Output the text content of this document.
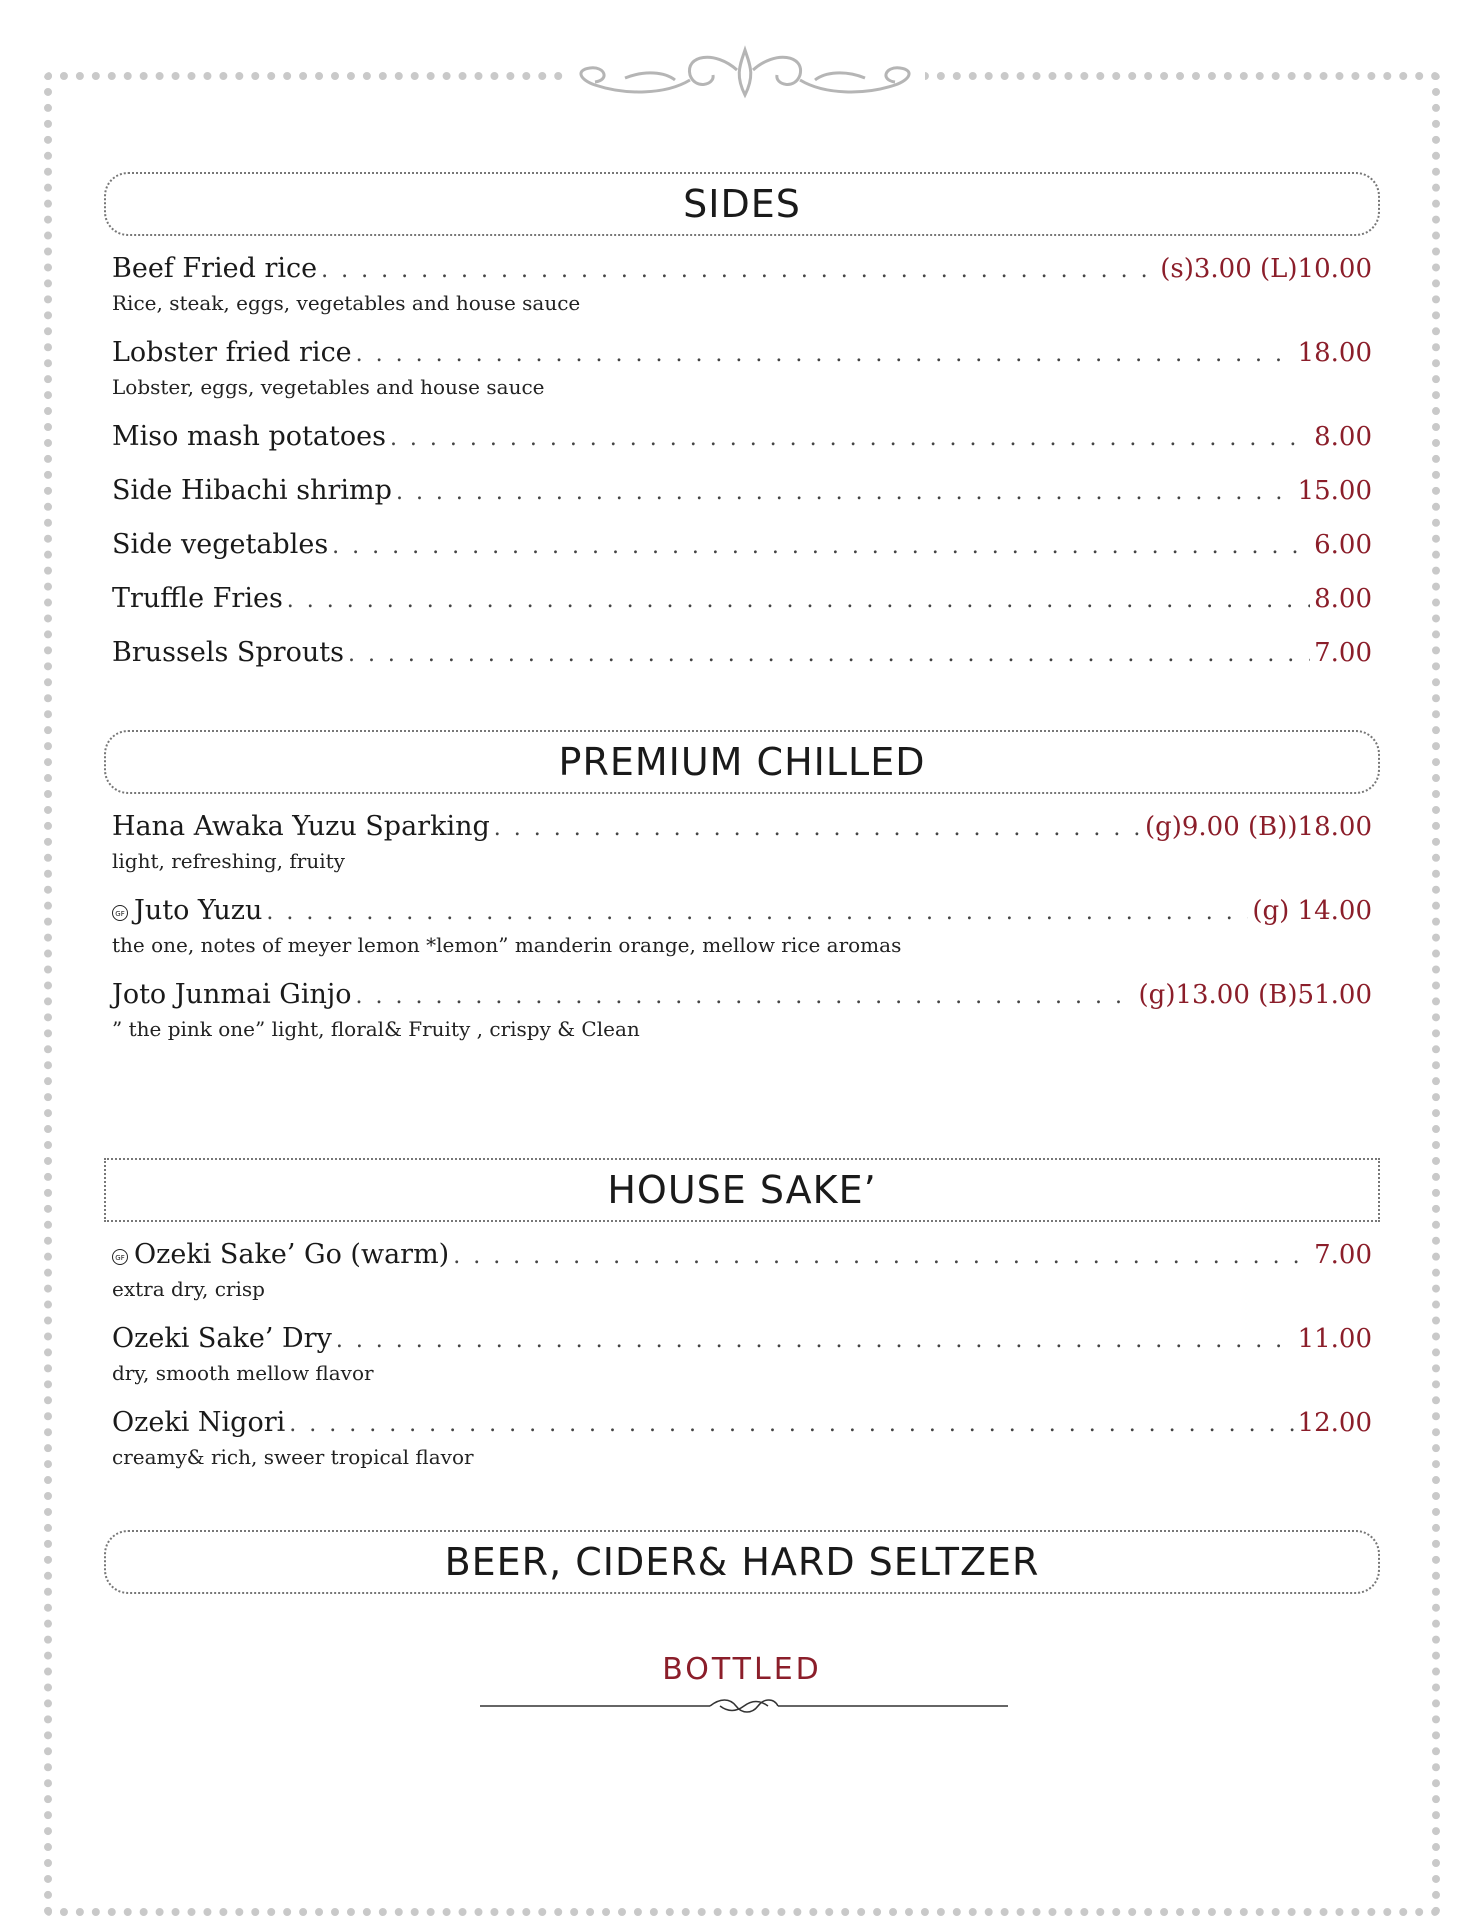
SIDES
Beef Fried rice . . .	(s)3.00 (L)10.00
Rice, steak, eggs, vegetables and house sauce
Lobster fried rice . . .	18.00
Lobster, eggs, vegetables and house sauce
Miso mash potatoes . . .	8.00
Side Hibachi shrimp . . .	15.00
Side vegetables . . .	6.00
Truffle Fries . . .	8.00
Brussels Sprouts . . .	7.00
PREMIUM CHILLED
Hana Awaka Yuzu Sparking . . .	(g)9.00 (B))18.00
light, refreshing, fruity
GF Juto Yuzu . . .	(g) 14.00
the one, notes of meyer lemon *lemon” manderin orange, mellow rice aromas
Joto Junmai Ginjo . . .	(g)13.00 (B)51.00
” the pink one” light, floral& Fruity , crispy & Clean
HOUSE SAKE’
GF Ozeki Sake’ Go (warm) . . .	7.00
extra dry, crisp
Ozeki Sake’ Dry . . .	11.00
dry, smooth mellow flavor
Ozeki Nigori . . .	12.00
creamy& rich, sweer tropical flavor
BEER, CIDER& HARD SELTZER
BOTTLED
